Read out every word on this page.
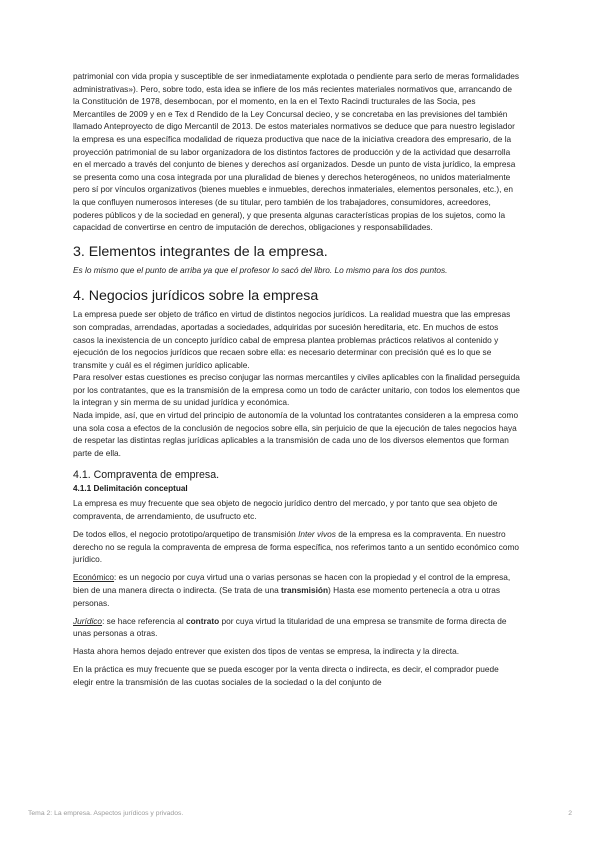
patrimonial con vida propia y susceptible de ser inmediatamente explotada o pendiente para serlo de meras formalidades administrativas»). Pero, sobre todo, esta idea se infiere de los más recientes materiales normativos que, arrancando de la Constitución de 1978, desembocan, por el momento, en la en el Texto Racindi tructurales de las Socia, pes Mercantiles de 2009 y en e Tex d Rendido de la Ley Concursal decieo, y se concretaba en las previsiones del también llamado Anteproyecto de digo Mercantil de 2013. De estos materiales normativos se deduce que para nuestro legislador la empresa es una específica modalidad de riqueza productiva que nace de la iniciativa creadora des empresario, de la proyección patrimonial de su labor organizadora de los distintos factores de producción y de la actividad que desarrolla en el mercado a través del conjunto de bienes y derechos así organizados. Desde un punto de vista jurídico, la empresa se presenta como una cosa integrada por una pluralidad de bienes y derechos heterogéneos, no unidos materialmente pero sí por vínculos organizativos (bienes muebles e inmuebles, derechos inmateriales, elementos personales, etc.), en la que confluyen numerosos intereses (de su titular, pero también de los trabajadores, consumidores, acreedores, poderes públicos y de la sociedad en general), y que presenta algunas características propias de los sujetos, como la capacidad de convertirse en centro de imputación de derechos, obligaciones y responsabilidades.

3. Elementos integrantes de la empresa.

Es lo mismo que el punto de arriba ya que el profesor lo sacó del libro. Lo mismo para los dos puntos.

4. Negocios jurídicos sobre la empresa

La empresa puede ser objeto de tráfico en virtud de distintos negocios jurídicos. La realidad muestra que las empresas son compradas, arrendadas, aportadas a sociedades, adquiridas por sucesión hereditaria, etc. En muchos de estos casos la inexistencia de un concepto jurídico cabal de empresa plantea problemas prácticos relativos al contenido y ejecución de los negocios jurídicos que recaen sobre ella: es necesario determinar con precisión qué es lo que se transmite y cuál es el régimen jurídico aplicable.

Para resolver estas cuestiones es preciso conjugar las normas mercantiles y civiles aplicables con la finalidad perseguida por los contratantes, que es la transmisión de la empresa como un todo de carácter unitario, con todos los elementos que la integran y sin merma de su unidad jurídica y económica.

Nada impide, así, que en virtud del principio de autonomía de la voluntad los contratantes consideren a la empresa como una sola cosa a efectos de la conclusión de negocios sobre ella, sin perjuicio de que la ejecución de tales negocios haya de respetar las distintas reglas jurídicas aplicables a la transmisión de cada uno de los diversos elementos que forman parte de ella.

4.1. Compraventa de empresa.
4.1.1 Delimitación conceptual

La empresa es muy frecuente que sea objeto de negocio jurídico dentro del mercado, y por tanto que sea objeto de compraventa, de arrendamiento, de usufructo etc.

De todos ellos, el negocio prototipo/arquetipo de transmisión Inter vivos de la empresa es la compraventa. En nuestro derecho no se regula la compraventa de empresa de forma específica, nos referimos tanto a un sentido económico como jurídico.

Económico: es un negocio por cuya virtud una o varias personas se hacen con la propiedad y el control de la empresa, bien de una manera directa o indirecta. (Se trata de una transmisión) Hasta ese momento pertenecía a otra u otras personas.

Jurídico: se hace referencia al contrato por cuya virtud la titularidad de una empresa se transmite de forma directa de unas personas a otras.

Hasta ahora hemos dejado entrever que existen dos tipos de ventas se empresa, la indirecta y la directa.

En la práctica es muy frecuente que se pueda escoger por la venta directa o indirecta, es decir, el comprador puede elegir entre la transmisión de las cuotas sociales de la sociedad o la del conjunto de

Tema 2: La empresa. Aspectos jurídicos y privados.	2
